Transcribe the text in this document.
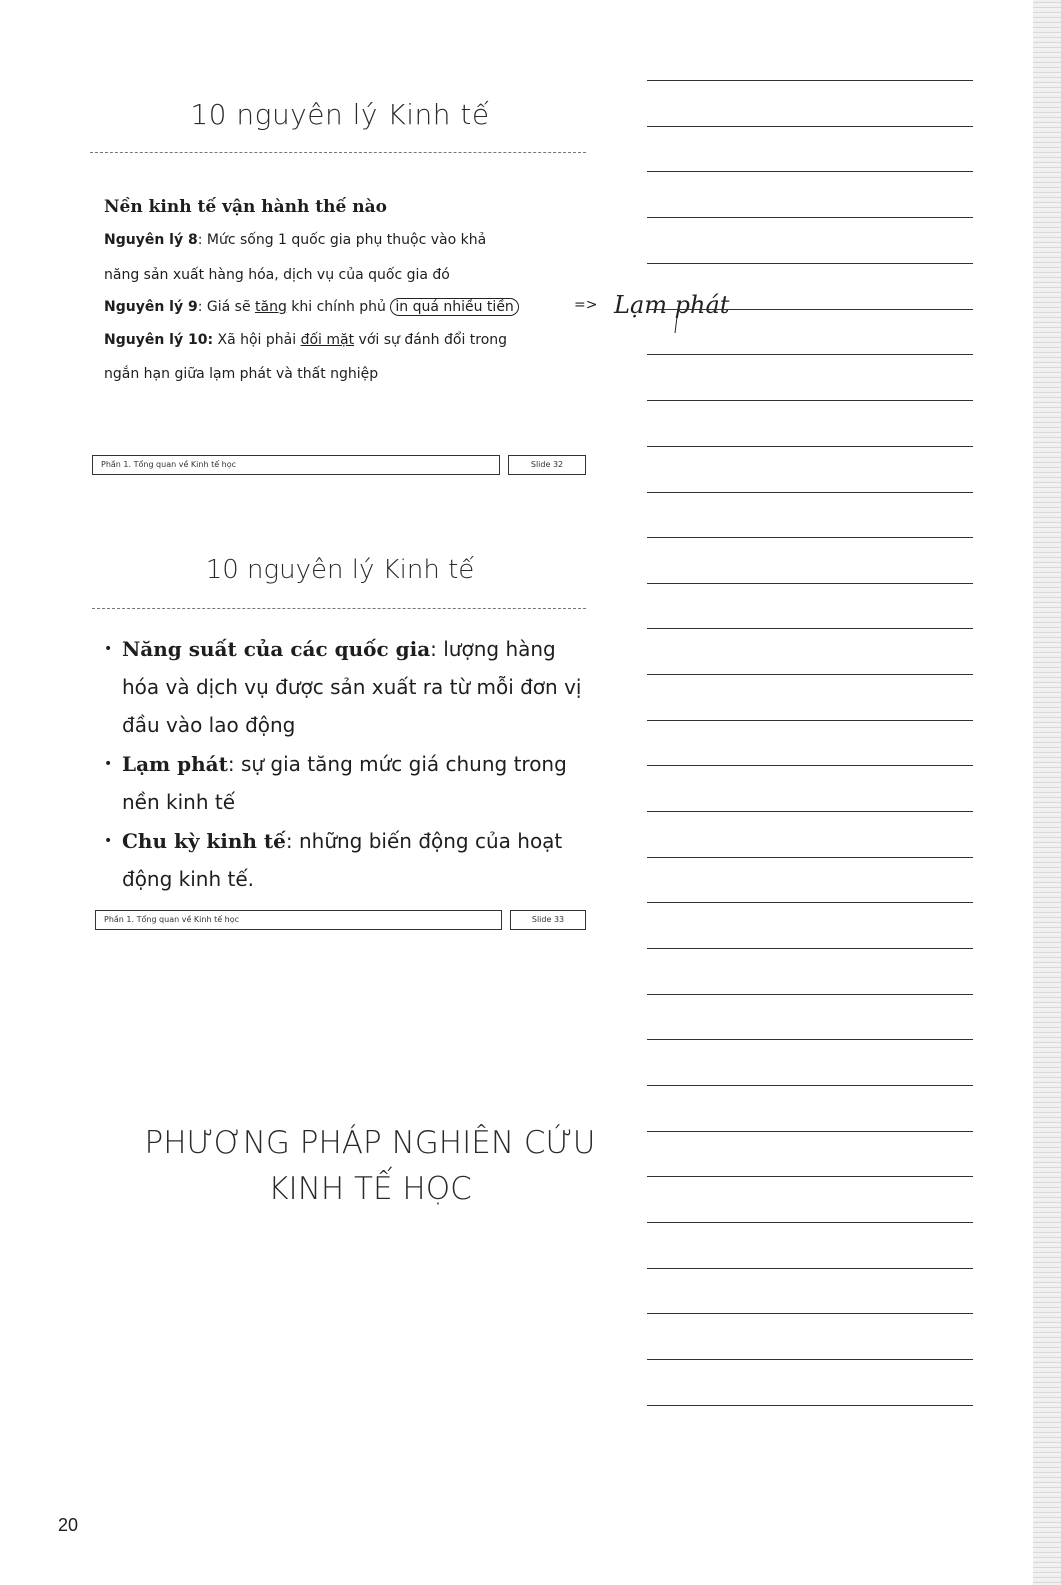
10 nguyên lý Kinh tế
Nền kinh tế vận hành thế nào
Nguyên lý 8: Mức sống 1 quốc gia phụ thuộc vào khả
năng sản xuất hàng hóa, dịch vụ của quốc gia đó
Nguyên lý 9: Giá sẽ tăng khi chính phủ in quá nhiều tiền
Nguyên lý 10: Xã hội phải đối mặt với sự đánh đổi trong
ngắn hạn giữa lạm phát và thất nghiệp
Phần 1. Tổng quan về Kinh tế học	Slide 32
=> Lạm phát
10 nguyên lý Kinh tế
• Năng suất của các quốc gia: lượng hàng hóa và dịch vụ được sản xuất ra từ mỗi đơn vị đầu vào lao động
• Lạm phát: sự gia tăng mức giá chung trong nền kinh tế
• Chu kỳ kinh tế: những biến động của hoạt động kinh tế.
Phần 1. Tổng quan về Kinh tế học	Slide 33
PHƯƠNG PHÁP NGHIÊN CỨU
KINH TẾ HỌC
20
